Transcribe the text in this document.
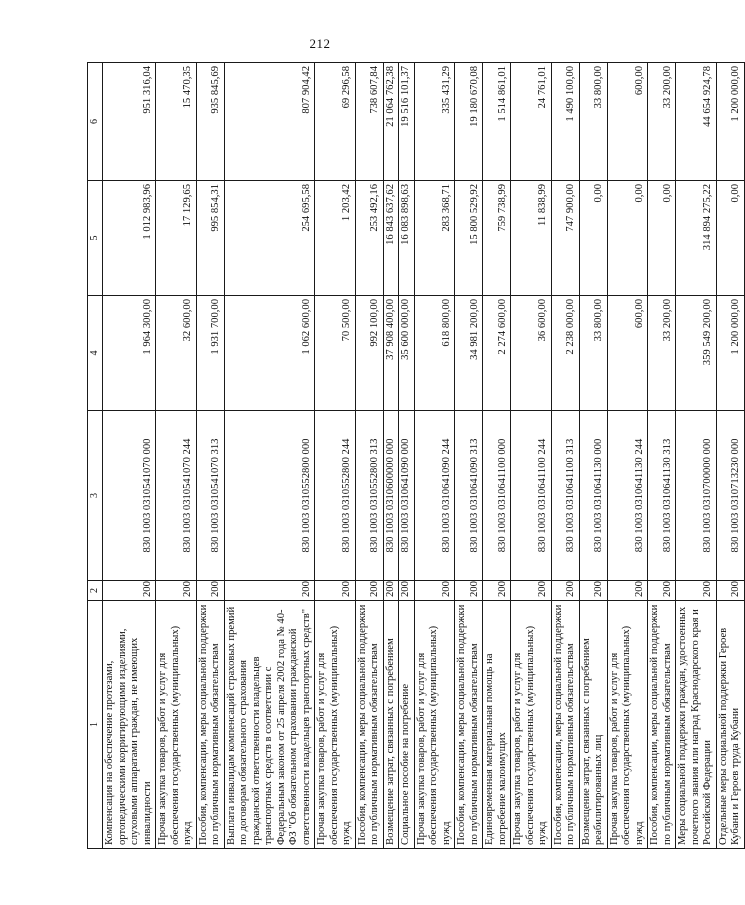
212
1	2	3	4	5	6
Компенсация на обеспечение протезами, ортопедическими корригирующими изделиями, слуховыми аппаратами граждан, не имеющих инвалидности	200	830 1003 0310541070 000	1 964 300,00	1 012 983,96	951 316,04
Прочая закупка товаров, работ и услуг для обеспечения государственных (муниципальных) нужд	200	830 1003 0310541070 244	32 600,00	17 129,65	15 470,35
Пособия, компенсации, меры социальной поддержки по публичным нормативным обязательствам	200	830 1003 0310541070 313	1 931 700,00	995 854,31	935 845,69
Выплата инвалидам компенсаций страховых премий по договорам обязательного страхования гражданской ответственности владельцев транспортных средств в соответствии с Федеральным законом от 25 апреля 2002 года № 40-ФЗ "Об обязательном страховании гражданской ответственности владельцев транспортных средств"	200	830 1003 0310552800 000	1 062 600,00	254 695,58	807 904,42
Прочая закупка товаров, работ и услуг для обеспечения государственных (муниципальных) нужд	200	830 1003 0310552800 244	70 500,00	1 203,42	69 296,58
Пособия, компенсации, меры социальной поддержки по публичным нормативным обязательствам	200	830 1003 0310552800 313	992 100,00	253 492,16	738 607,84
Возмещение затрат, связанных с погребением	200	830 1003 0310600000 000	37 908 400,00	16 843 637,62	21 064 762,38
Социальное пособие на погребение	200	830 1003 0310641090 000	35 600 000,00	16 083 898,63	19 516 101,37
Прочая закупка товаров, работ и услуг для обеспечения государственных (муниципальных) нужд	200	830 1003 0310641090 244	618 800,00	283 368,71	335 431,29
Пособия, компенсации, меры социальной поддержки по публичным нормативным обязательствам	200	830 1003 0310641090 313	34 981 200,00	15 800 529,92	19 180 670,08
Единовременная материальная помощь на погребение малоимущих	200	830 1003 0310641100 000	2 274 600,00	759 738,99	1 514 861,01
Прочая закупка товаров, работ и услуг для обеспечения государственных (муниципальных) нужд	200	830 1003 0310641100 244	36 600,00	11 838,99	24 761,01
Пособия, компенсации, меры социальной поддержки по публичным нормативным обязательствам	200	830 1003 0310641100 313	2 238 000,00	747 900,00	1 490 100,00
Возмещение затрат, связанных с погребением реабилитированных лиц	200	830 1003 0310641130 000	33 800,00	0,00	33 800,00
Прочая закупка товаров, работ и услуг для обеспечения государственных (муниципальных) нужд	200	830 1003 0310641130 244	600,00	0,00	600,00
Пособия, компенсации, меры социальной поддержки по публичным нормативным обязательствам	200	830 1003 0310641130 313	33 200,00	0,00	33 200,00
Меры социальной поддержки граждан, удостоенных почетного звания или наград Краснодарского края и Российской Федерации	200	830 1003 0310700000 000	359 549 200,00	314 894 275,22	44 654 924,78
Отдельные меры социальной поддержки Героев Кубани и Героев труда Кубани	200	830 1003 0310713230 000	1 200 000,00	0,00	1 200 000,00
